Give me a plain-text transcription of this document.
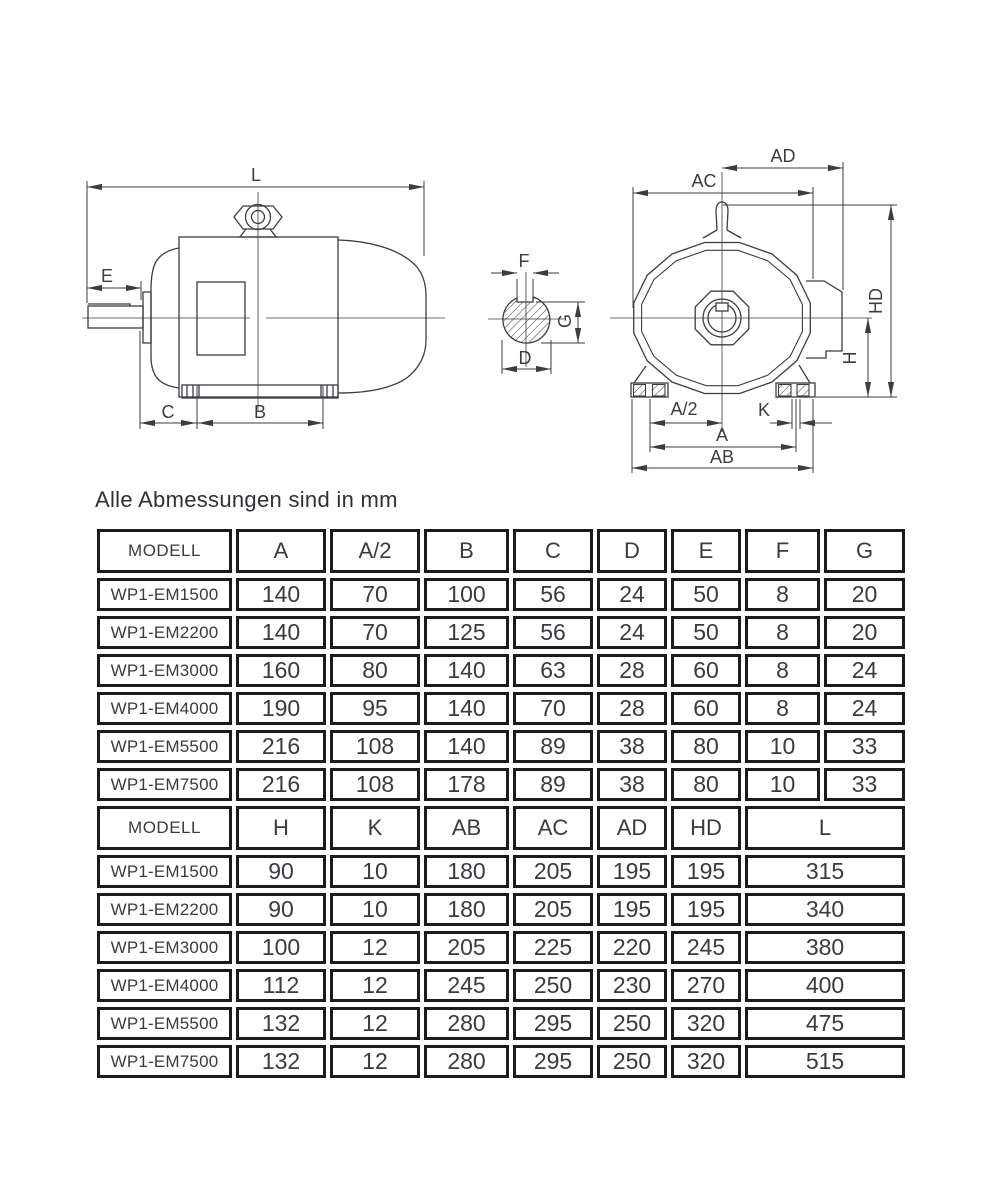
L
E
C	B
F
D
G
AD
AC
HD
H
A/2	K
A
AB
Alle Abmessungen sind in mm
MODELL	A	A/2	B	C	D	E	F	G
WP1-EM1500	140	70	100	56	24	50	8	20
WP1-EM2200	140	70	125	56	24	50	8	20
WP1-EM3000	160	80	140	63	28	60	8	24
WP1-EM4000	190	95	140	70	28	60	8	24
WP1-EM5500	216	108	140	89	38	80	10	33
WP1-EM7500	216	108	178	89	38	80	10	33
MODELL	H	K	AB	AC	AD	HD	L	
WP1-EM1500	90	10	180	205	195	195	315	
WP1-EM2200	90	10	180	205	195	195	340	
WP1-EM3000	100	12	205	225	220	245	380	
WP1-EM4000	112	12	245	250	230	270	400	
WP1-EM5500	132	12	280	295	250	320	475	
WP1-EM7500	132	12	280	295	250	320	515	
